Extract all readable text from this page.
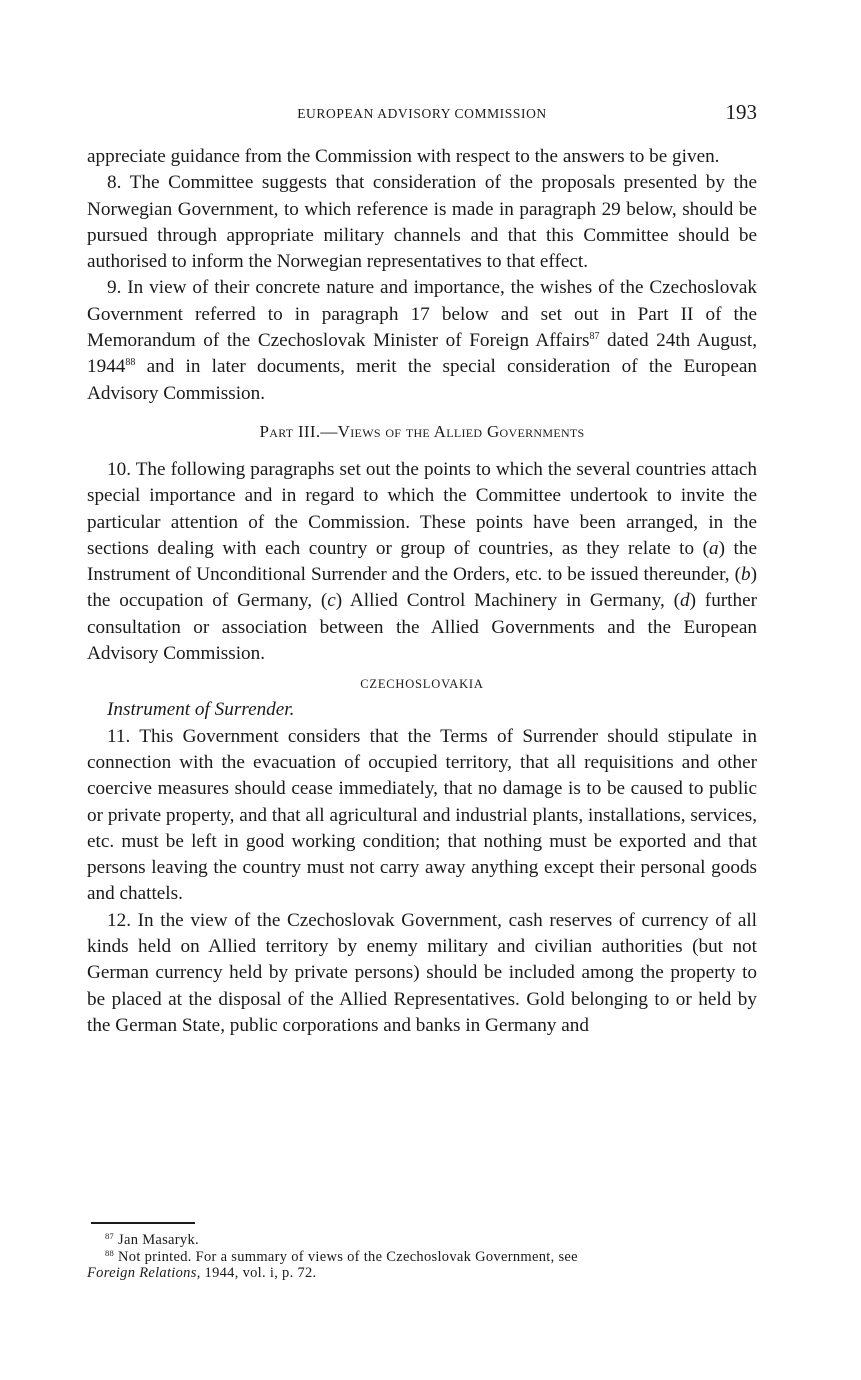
EUROPEAN ADVISORY COMMISSION	193

appreciate guidance from the Commission with respect to the answers to be given.

8. The Committee suggests that consideration of the proposals presented by the Norwegian Government, to which reference is made in paragraph 29 below, should be pursued through appropriate military channels and that this Committee should be authorised to inform the Norwegian representatives to that effect.

9. In view of their concrete nature and importance, the wishes of the Czechoslovak Government referred to in paragraph 17 below and set out in Part II of the Memorandum of the Czechoslovak Minister of Foreign Affairs$^{87}$ dated 24th August, 1944$^{88}$ and in later documents, merit the special consideration of the European Advisory Commission.

Part III.—Views of the Allied Governments

10. The following paragraphs set out the points to which the several countries attach special importance and in regard to which the Committee undertook to invite the particular attention of the Commission. These points have been arranged, in the sections dealing with each country or group of countries, as they relate to (a) the Instrument of Unconditional Surrender and the Orders, etc. to be issued thereunder, (b) the occupation of Germany, (c) Allied Control Machinery in Germany, (d) further consultation or association between the Allied Governments and the European Advisory Commission.

CZECHOSLOVAKIA

Instrument of Surrender.

11. This Government considers that the Terms of Surrender should stipulate in connection with the evacuation of occupied territory, that all requisitions and other coercive measures should cease immediately, that no damage is to be caused to public or private property, and that all agricultural and industrial plants, installations, services, etc. must be left in good working condition; that nothing must be exported and that persons leaving the country must not carry away anything except their personal goods and chattels.

12. In the view of the Czechoslovak Government, cash reserves of currency of all kinds held on Allied territory by enemy military and civilian authorities (but not German currency held by private persons) should be included among the property to be placed at the disposal of the Allied Representatives. Gold belonging to or held by the German State, public corporations and banks in Germany and

$^{87}$ Jan Masaryk.

$^{88}$ Not printed. For a summary of views of the Czechoslovak Government, see

Foreign Relations, 1944, vol. i, p. 72.
